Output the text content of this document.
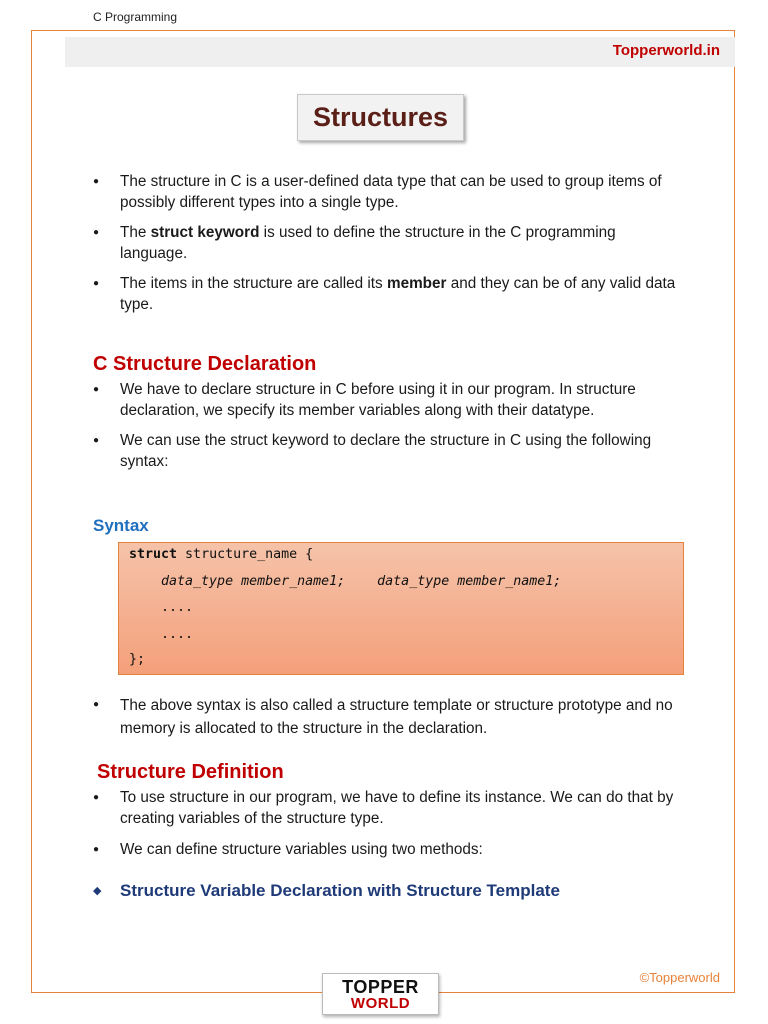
C Programming
Topperworld.in
Structures
● The structure in C is a user-defined data type that can be used to group items of possibly different types into a single type.
● The struct keyword is used to define the structure in the C programming language.
● The items in the structure are called its member and they can be of any valid data type.
C Structure Declaration
● We have to declare structure in C before using it in our program. In structure declaration, we specify its member variables along with their datatype.
● We can use the struct keyword to declare the structure in C using the following syntax:
Syntax
struct structure_name {
data_type member_name1;    data_type member_name1;
....
....
};
● The above syntax is also called a structure template or structure prototype and no memory is allocated to the structure in the declaration.
Structure Definition
● To use structure in our program, we have to define its instance. We can do that by creating variables of the structure type.
● We can define structure variables using two methods:
◆ Structure Variable Declaration with Structure Template
©Topperworld
TOPPER
WORLD
